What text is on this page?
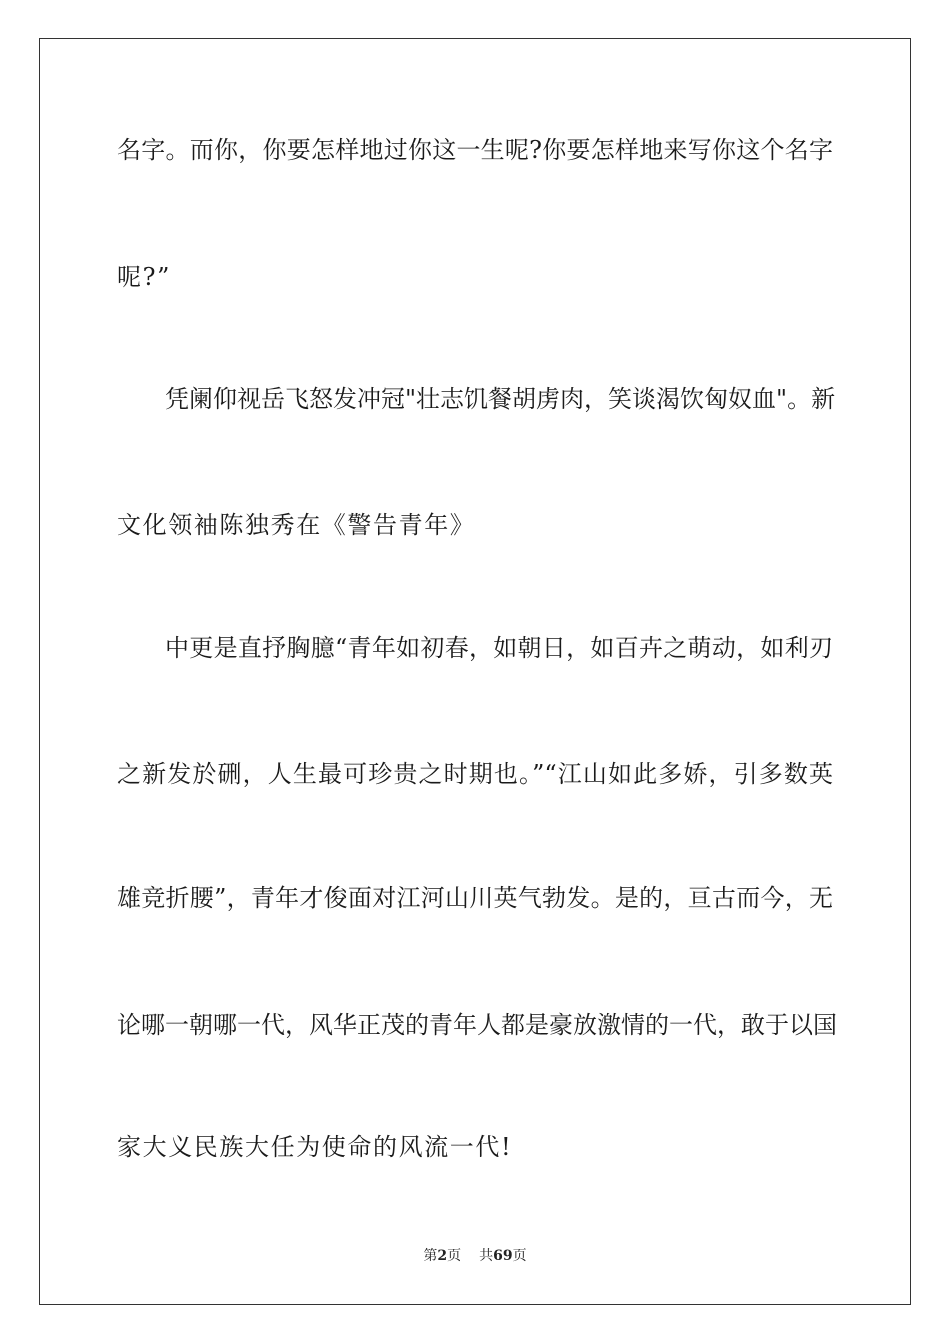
名字。而你，你要怎样地过你这一生呢?你要怎样地来写你这个名字
呢?”
凭阑仰视岳飞怒发冲冠"壮志饥餐胡虏肉，笑谈渴饮匈奴血"。新
文化领袖陈独秀在《警告青年》
中更是直抒胸臆“青年如初春，如朝日，如百卉之萌动，如利刃
之新发於硎，人生最可珍贵之时期也。”“江山如此多娇，引多数英
雄竞折腰”，青年才俊面对江河山川英气勃发。是的，亘古而今，无
论哪一朝哪一代，风华正茂的青年人都是豪放激情的一代，敢于以国
家大义民族大任为使命的风流一代!
第2页 共69页
